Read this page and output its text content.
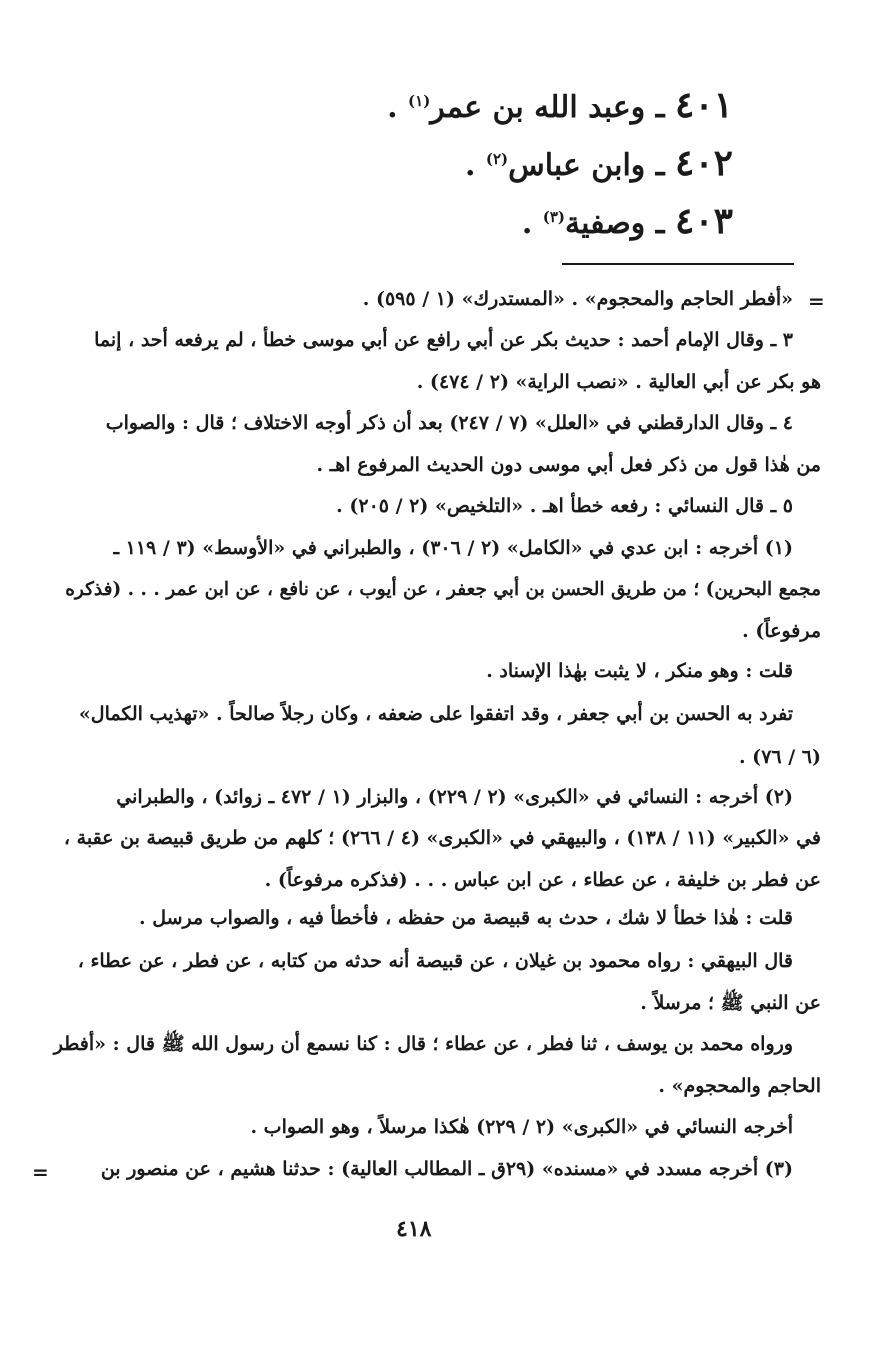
٤٠١ ـ وعبد الله بن عمر$^{(١)}$ .
٤٠٢ ـ وابن عباس$^{(٢)}$ .
٤٠٣ ـ وصفية$^{(٣)}$ .
=
=
«أفطر الحاجم والمحجوم» . «المستدرك» (١ / ٥٩٥) .
٣ ـ وقال الإمام أحمد : حديث بكر عن أبي رافع عن أبي موسى خطأ ، لم يرفعه أحد ، إنما
هو بكر عن أبي العالية . «نصب الراية» (٢ / ٤٧٤) .
٤ ـ وقال الدارقطني في «العلل» (٧ / ٢٤٧) بعد أن ذكر أوجه الاختلاف ؛ قال : والصواب
من هٰذا قول من ذكر فعل أبي موسى دون الحديث المرفوع اهـ .
٥ ـ قال النسائي : رفعه خطأ اهـ . «التلخيص» (٢ / ٢٠٥) .
(١) أخرجه : ابن عدي في «الكامل» (٢ / ٣٠٦) ، والطبراني في «الأوسط» (٣ / ١١٩ ـ
مجمع البحرين) ؛ من طريق الحسن بن أبي جعفر ، عن أيوب ، عن نافع ، عن ابن عمر . . . (فذكره
مرفوعاً) .
قلت : وهو منكر ، لا يثبت بهٰذا الإسناد .
تفرد به الحسن بن أبي جعفر ، وقد اتفقوا على ضعفه ، وكان رجلاً صالحاً . «تهذيب الكمال»
(٦ / ٧٦) .
(٢) أخرجه : النسائي في «الكبرى» (٢ / ٢٢٩) ، والبزار (١ / ٤٧٢ ـ زوائد) ، والطبراني
في «الكبير» (١١ / ١٣٨) ، والبيهقي في «الكبرى» (٤ / ٢٦٦) ؛ كلهم من طريق قبيصة بن عقبة ،
عن فطر بن خليفة ، عن عطاء ، عن ابن عباس . . . (فذكره مرفوعاً) .
قلت : هٰذا خطأ لا شك ، حدث به قبيصة من حفظه ، فأخطأ فيه ، والصواب مرسل .
قال البيهقي : رواه محمود بن غيلان ، عن قبيصة أنه حدثه من كتابه ، عن فطر ، عن عطاء ،
عن النبي ﷺ ؛ مرسلاً .
ورواه محمد بن يوسف ، ثنا فطر ، عن عطاء ؛ قال : كنا نسمع أن رسول الله ﷺ قال : «أفطر
الحاجم والمحجوم» .
أخرجه النسائي في «الكبرى» (٢ / ٢٢٩) هٰكذا مرسلاً ، وهو الصواب .
(٣) أخرجه مسدد في «مسنده» (٢٩ق ـ المطالب العالية) : حدثنا هشيم ، عن منصور بن
٤١٨
